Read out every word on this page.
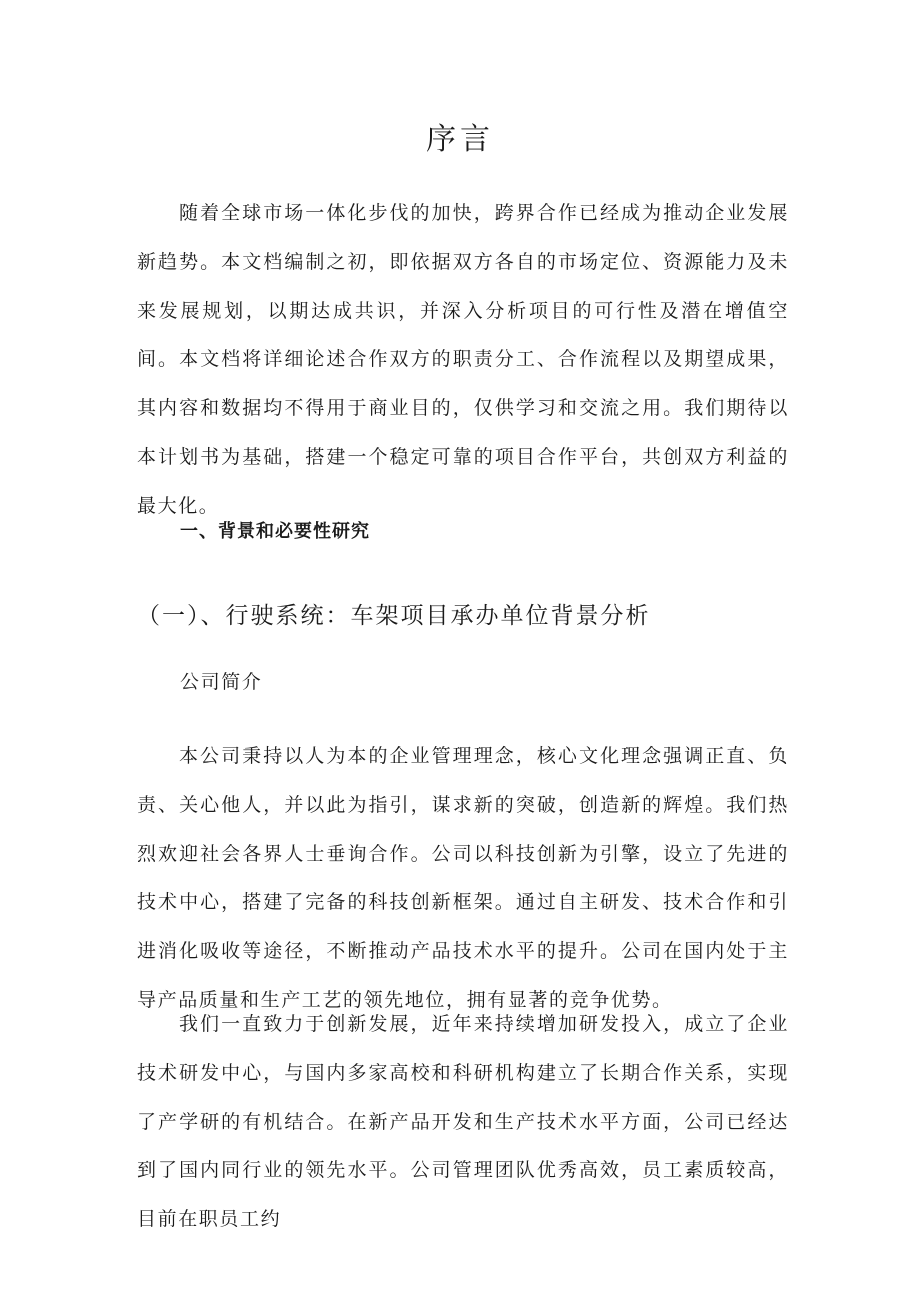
序言

随着全球市场一体化步伐的加快，跨界合作已经成为推动企业发展新趋势。本文档编制之初，即依据双方各自的市场定位、资源能力及未来发展规划，以期达成共识，并深入分析项目的可行性及潜在增值空间。本文档将详细论述合作双方的职责分工、合作流程以及期望成果，其内容和数据均不得用于商业目的，仅供学习和交流之用。我们期待以本计划书为基础，搭建一个稳定可靠的项目合作平台，共创双方利益的最大化。

一、背景和必要性研究
（一）、行驶系统：车架项目承办单位背景分析

公司简介

本公司秉持以人为本的企业管理理念，核心文化理念强调正直、负责、关心他人，并以此为指引，谋求新的突破，创造新的辉煌。我们热烈欢迎社会各界人士垂询合作。公司以科技创新为引擎，设立了先进的技术中心，搭建了完备的科技创新框架。通过自主研发、技术合作和引进消化吸收等途径，不断推动产品技术水平的提升。公司在国内处于主导产品质量和生产工艺的领先地位，拥有显著的竞争优势。

我们一直致力于创新发展，近年来持续增加研发投入，成立了企业技术研发中心，与国内多家高校和科研机构建立了长期合作关系，实现了产学研的有机结合。在新产品开发和生产技术水平方面，公司已经达到了国内同行业的领先水平。公司管理团队优秀高效，员工素质较高，目前在职员工约
